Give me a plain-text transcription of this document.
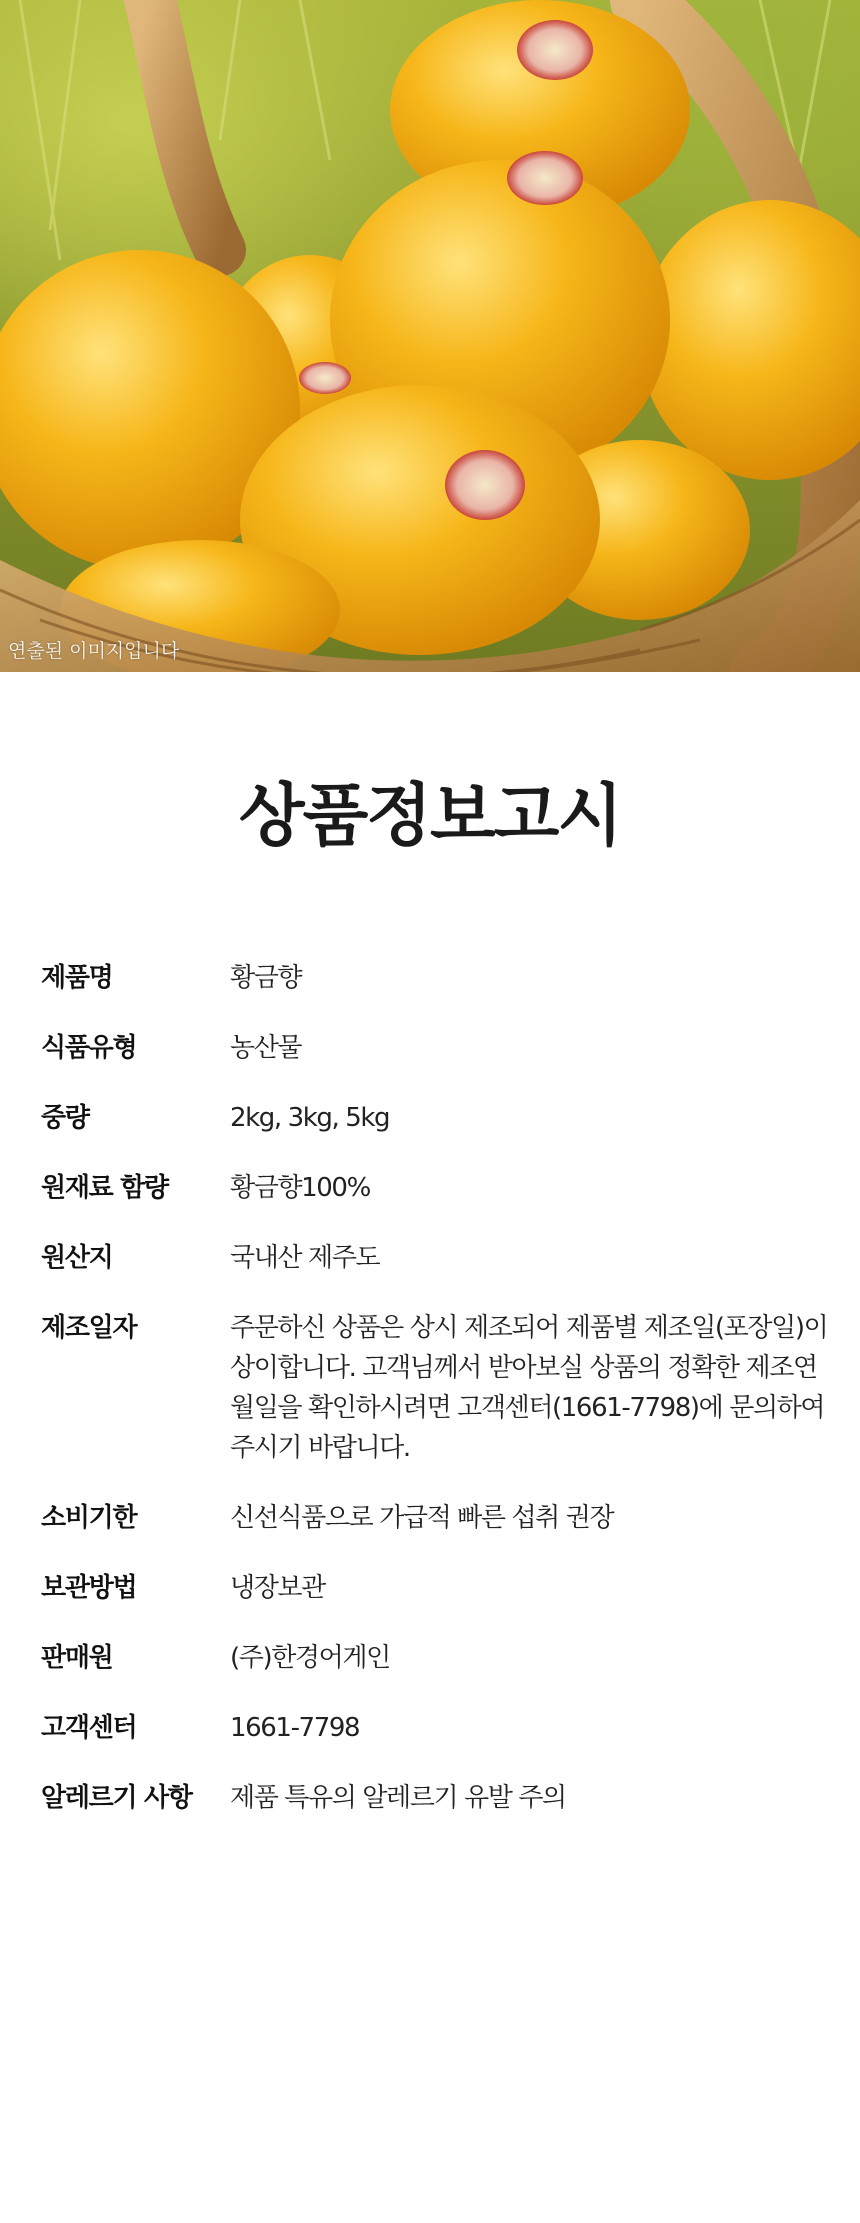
연출된 이미지입니다
상품정보고시
제품명	황금향
식품유형	농산물
중량	2kg, 3kg, 5kg
원재료 함량	황금향100%
원산지	국내산 제주도
제조일자	주문하신 상품은 상시 제조되어 제품별 제조일(포장일)이 상이합니다. 고객님께서 받아보실 상품의 정확한 제조연월일을 확인하시려면 고객센터(1661-7798)에 문의하여 주시기 바랍니다.
소비기한	신선식품으로 가급적 빠른 섭취 권장
보관방법	냉장보관
판매원	(주)한경어게인
고객센터	1661-7798
알레르기 사항	제품 특유의 알레르기 유발 주의
